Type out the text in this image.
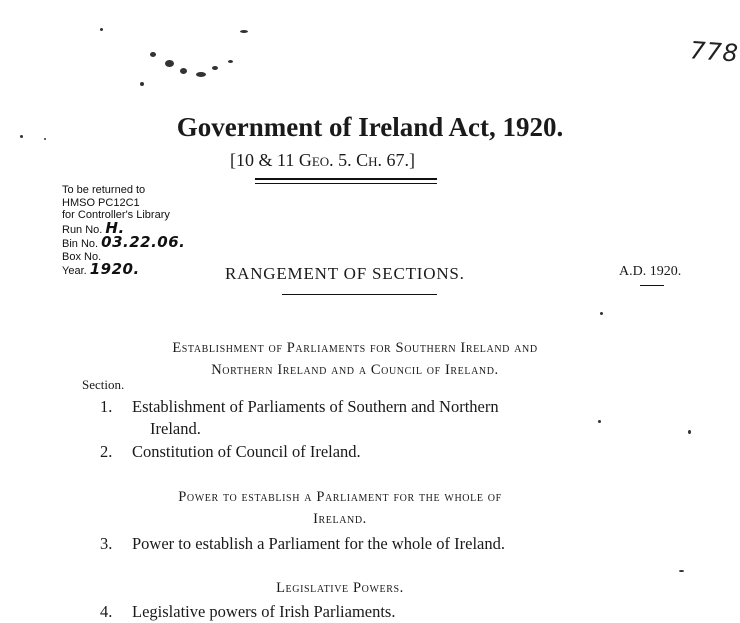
778
Government of Ireland Act, 1920.
[10 & 11 Geo. 5. Ch. 67.]
To be returned to
HMSO PC12C1
for Controller's Library
Run No. H.
Bin No. 03.22.06.
Box No.
Year. 1920.	RANGEMENT OF SECTIONS.	A.D. 1920.
Establishment of Parliaments for Southern Ireland and
Northern Ireland and a Council of Ireland.
Section.
1. Establishment of Parliaments of Southern and Northern
Ireland.
2. Constitution of Council of Ireland.
Power to establish a Parliament for the whole of
Ireland.
3. Power to establish a Parliament for the whole of Ireland.
Legislative Powers.
4. Legislative powers of Irish Parliaments.
